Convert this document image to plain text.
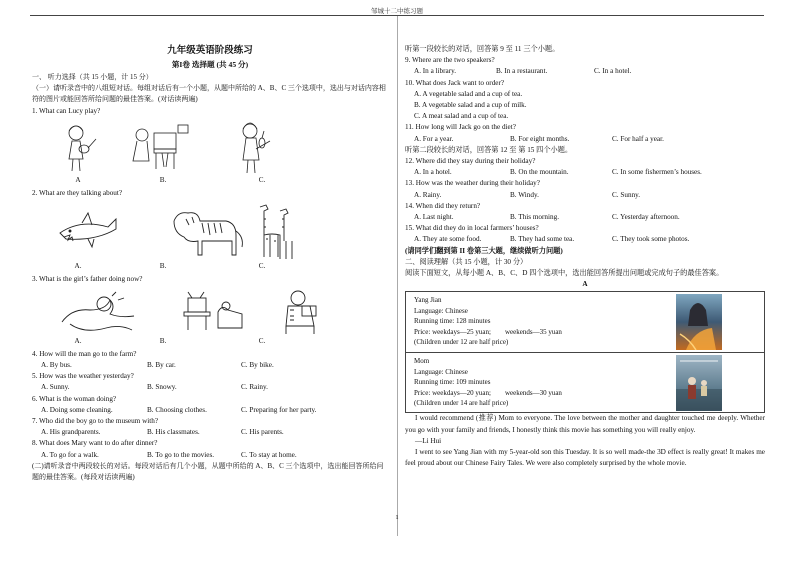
邹城十二中练习题
九年级英语阶段练习
第I卷 选择题 (共 45 分)
一、 听力选择（共 15 小题，计 15 分）
（一）请听录音中的八组短对话。每组对话后有一个小题，从题中所给的 A、B、C 三个选项中，选出与对话内容相符的图片或能回答所给问题的最佳答案。(对话读两遍)
1. What can Lucy play?
A	B.	C.
2. What are they talking about?
A.	B.	C.
3. What is the girl’s father doing now?
A.	B.	C.
4. How will the man go to the farm?
A. By bus.	B. By car.	C. By bike.
5. How was the weather yesterday?
A. Sunny.	B. Snowy.	C. Rainy.
6. What is the woman doing?
A. Doing some cleaning.	B. Choosing clothes.	C. Preparing for her party.
7. Who did the boy go to the museum with?
A. His grandparents.	B. His classmates.	C. His parents.
8. What does Mary want to do after dinner?
A. To go for a walk.	B. To go to the movies.	C. To stay at home.
(二)请听录音中两段较长的对话。每段对话后有几个小题，从题中所给的 A、B、C 三个选项中，选出能回答所给问题的最佳答案。(每段对话读两遍)
听第一段较长的对话，回答第 9 至 11 三个小题。
9. Where are the two speakers?
A. In a library.	B. In a restaurant.	C. In a hotel.
10. What does Jack want to order?
A. A vegetable salad and a cup of tea.
B. A vegetable salad and a cup of milk.
C. A meat salad and a cup of tea.
11. How long will Jack go on the diet?
A. For a year.	B. For eight months.	C. For half a year.
听第二段较长的对话，回答第 12 至 第 15 四个小题。
12. Where did they stay during their holiday?
A. In a hotel.	B. On the mountain.	C. In some fishermen’s houses.
13. How was the weather during their holiday?
A. Rainy.	B. Windy.	C. Sunny.
14. When did they return?
A. Last night.	B. This morning.	C. Yesterday afternoon.
15. What did they do in local farmers’ houses?
A. They ate some food.	B. They had some tea.	C. They took some photos.
(请同学们翻到第 II 卷第三大题，继续做听力问题)
二、阅读理解（共 15 小题，计 30 分）
阅读下面短文，从每小题 A、B、C、D 四个选项中，选出能回答所提出问题或完成句子的最佳答案。
A
Yang Jian
Language: Chinese
Running time: 128 minutes
Price: weekdays—25 yuan;        weekends—35 yuan
(Children under 12 are half price)
Mom
Language: Chinese
Running time: 109 minutes
Price: weekdays—20 yuan;        weekends—30 yuan
(Children under 14 are half price)
I would recommend (推荐) Mom to everyone. The love between the mother and daughter touched me deeply. Whether you go with your family and friends, I honestly think this movie has something you will really enjoy.
—Li Hui
I went to see Yang Jian with my 5-year-old son this Tuesday. It is so well made-the 3D effect is really great! It makes me feel proud about our Chinese Fairy Tales. We were also completely surprised by the whole movie.
1
